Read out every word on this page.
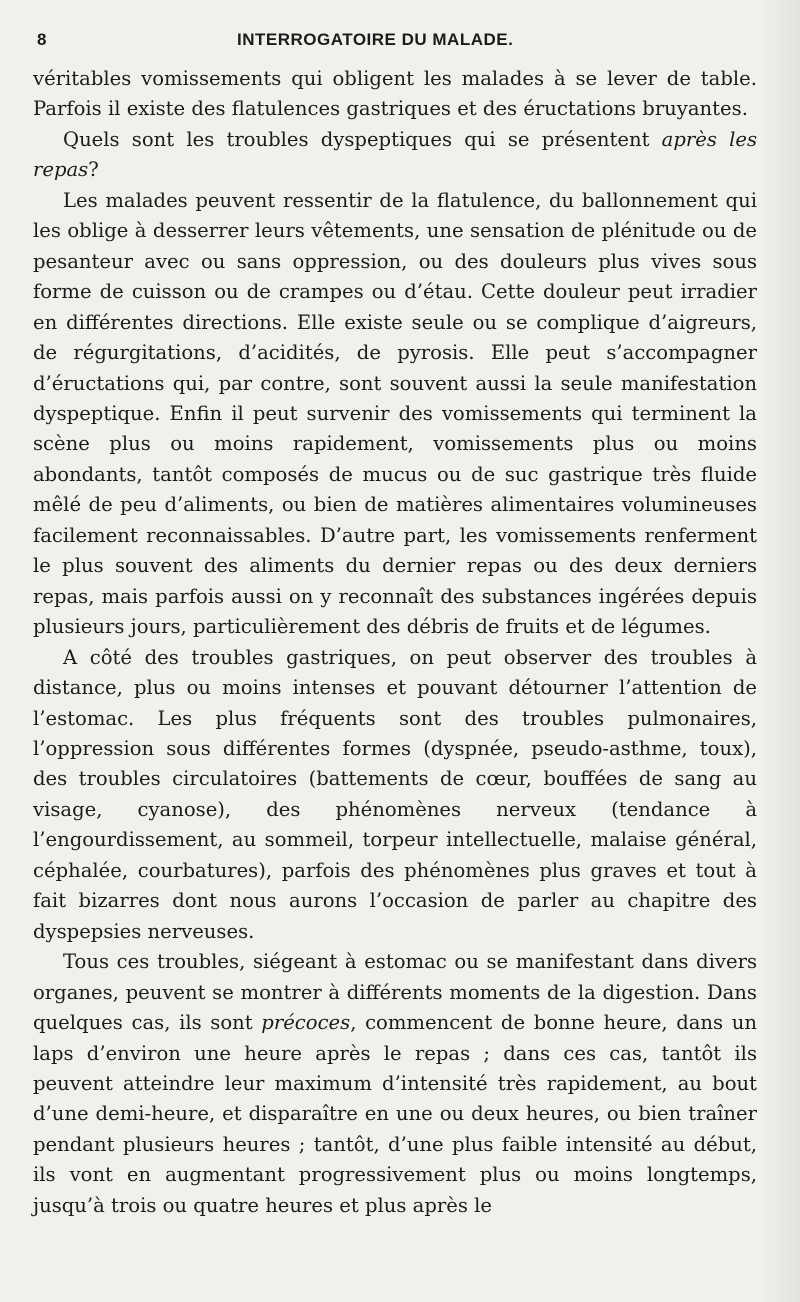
8	INTERROGATOIRE DU MALADE.

véritables vomissements qui obligent les malades à se lever de table. Parfois il existe des flatulences gastriques et des éructations bruyantes.

Quels sont les troubles dyspeptiques qui se présentent après les repas?

Les malades peuvent ressentir de la flatulence, du ballonnement qui les oblige à desserrer leurs vêtements, une sensation de plénitude ou de pesanteur avec ou sans oppression, ou des douleurs plus vives sous forme de cuisson ou de crampes ou d’étau. Cette douleur peut irradier en différentes directions. Elle existe seule ou se complique d’aigreurs, de régurgitations, d’acidités, de pyrosis. Elle peut s’accompagner d’éructations qui, par contre, sont souvent aussi la seule manifestation dyspeptique. Enfin il peut survenir des vomissements qui terminent la scène plus ou moins rapidement, vomissements plus ou moins abondants, tantôt composés de mucus ou de suc gastrique très fluide mêlé de peu d’aliments, ou bien de matières alimentaires volumineuses facilement reconnaissables. D’autre part, les vomissements renferment le plus souvent des aliments du dernier repas ou des deux derniers repas, mais parfois aussi on y reconnaît des substances ingérées depuis plusieurs jours, particulièrement des débris de fruits et de légumes.

A côté des troubles gastriques, on peut observer des troubles à distance, plus ou moins intenses et pouvant détourner l’attention de l’estomac. Les plus fréquents sont des troubles pulmonaires, l’oppression sous différentes formes (dyspnée, pseudo-asthme, toux), des troubles circulatoires (battements de cœur, bouffées de sang au visage, cyanose), des phénomènes nerveux (tendance à l’engourdissement, au sommeil, torpeur intellectuelle, malaise général, céphalée, courbatures), parfois des phénomènes plus graves et tout à fait bizarres dont nous aurons l’occasion de parler au chapitre des dyspepsies nerveuses.

Tous ces troubles, siégeant à estomac ou se manifestant dans divers organes, peuvent se montrer à différents moments de la digestion. Dans quelques cas, ils sont précoces, commencent de bonne heure, dans un laps d’environ une heure après le repas ; dans ces cas, tantôt ils peuvent atteindre leur maximum d’intensité très rapidement, au bout d’une demi-heure, et disparaître en une ou deux heures, ou bien traîner pendant plusieurs heures ; tantôt, d’une plus faible intensité au début, ils vont en augmentant progressivement plus ou moins longtemps, jusqu’à trois ou quatre heures et plus après le
